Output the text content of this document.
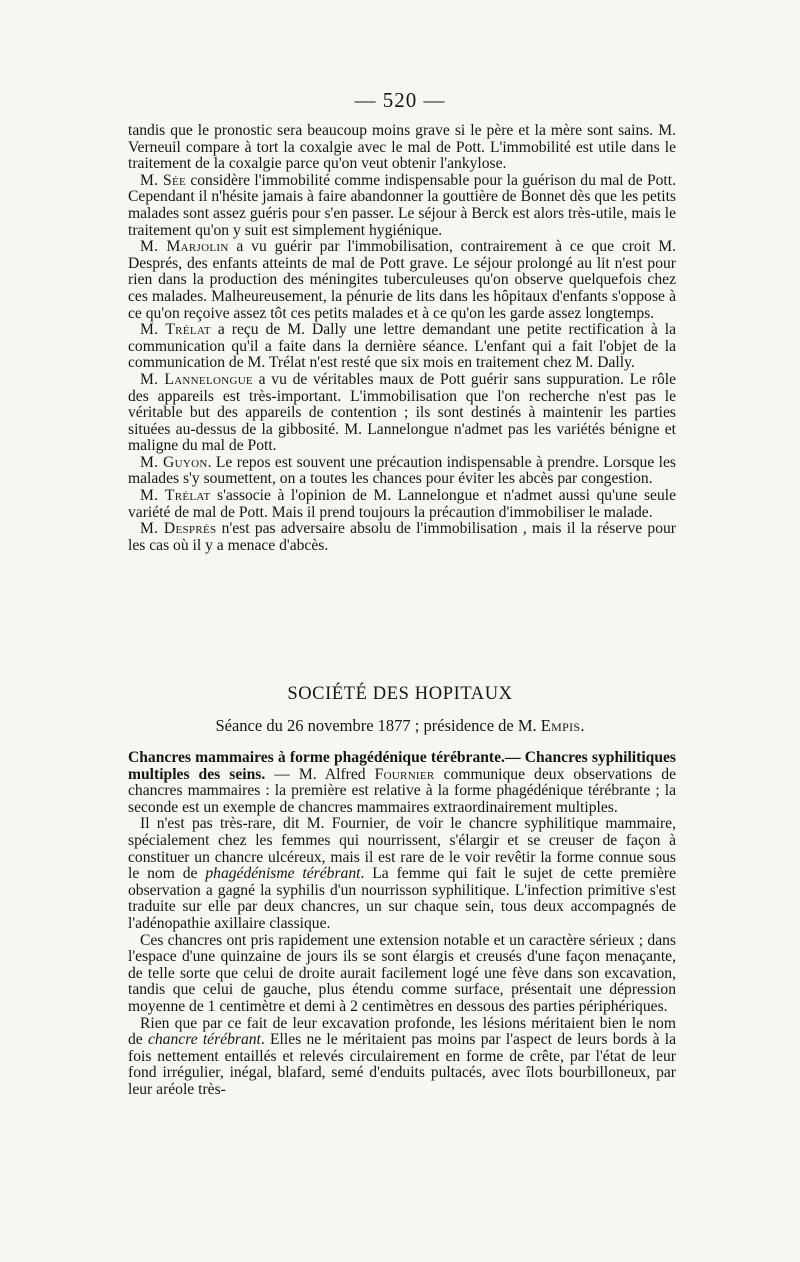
— 520 —

tandis que le pronostic sera beaucoup moins grave si le père et la mère sont sains. M. Verneuil compare à tort la coxalgie avec le mal de Pott. L'immobilité est utile dans le traitement de la coxalgie parce qu'on veut obtenir l'ankylose.

M. Sée considère l'immobilité comme indispensable pour la guérison du mal de Pott. Cependant il n'hésite jamais à faire abandonner la gouttière de Bonnet dès que les petits malades sont assez guéris pour s'en passer. Le séjour à Berck est alors très-utile, mais le traitement qu'on y suit est simplement hygiénique.

M. Marjolin a vu guérir par l'immobilisation, contrairement à ce que croit M. Després, des enfants atteints de mal de Pott grave. Le séjour prolongé au lit n'est pour rien dans la production des méningites tuberculeuses qu'on observe quelquefois chez ces malades. Malheureusement, la pénurie de lits dans les hôpitaux d'enfants s'oppose à ce qu'on reçoive assez tôt ces petits malades et à ce qu'on les garde assez longtemps.

M. Trélat a reçu de M. Dally une lettre demandant une petite rectification à la communication qu'il a faite dans la dernière séance. L'enfant qui a fait l'objet de la communication de M. Trélat n'est resté que six mois en traitement chez M. Dally.

M. Lannelongue a vu de véritables maux de Pott guérir sans suppuration. Le rôle des appareils est très-important. L'immobilisation que l'on recherche n'est pas le véritable but des appareils de contention ; ils sont destinés à maintenir les parties situées au-dessus de la gibbosité. M. Lannelongue n'admet pas les variétés bénigne et maligne du mal de Pott.

M. Guyon. Le repos est souvent une précaution indispensable à prendre. Lorsque les malades s'y soumettent, on a toutes les chances pour éviter les abcès par congestion.

M. Trélat s'associe à l'opinion de M. Lannelongue et n'admet aussi qu'une seule variété de mal de Pott. Mais il prend toujours la précaution d'immobiliser le malade.

M. Després n'est pas adversaire absolu de l'immobilisation , mais il la réserve pour les cas où il y a menace d'abcès.

SOCIÉTÉ DES HOPITAUX
Séance du 26 novembre 1877 ; présidence de M. Empis.

Chancres mammaires à forme phagédénique térébrante.— Chancres syphilitiques multiples des seins. — M. Alfred Fournier communique deux observations de chancres mammaires : la première est relative à la forme phagédénique térébrante ; la seconde est un exemple de chancres mammaires extraordinairement multiples.

Il n'est pas très-rare, dit M. Fournier, de voir le chancre syphilitique mammaire, spécialement chez les femmes qui nourrissent, s'élargir et se creuser de façon à constituer un chancre ulcéreux, mais il est rare de le voir revêtir la forme connue sous le nom de phagédénisme térébrant. La femme qui fait le sujet de cette première observation a gagné la syphilis d'un nourrisson syphilitique. L'infection primitive s'est traduite sur elle par deux chancres, un sur chaque sein, tous deux accompagnés de l'adénopathie axillaire classique.

Ces chancres ont pris rapidement une extension notable et un caractère sérieux ; dans l'espace d'une quinzaine de jours ils se sont élargis et creusés d'une façon menaçante, de telle sorte que celui de droite aurait facilement logé une fève dans son excavation, tandis que celui de gauche, plus étendu comme surface, présentait une dépression moyenne de 1 centimètre et demi à 2 centimètres en dessous des parties périphériques.

Rien que par ce fait de leur excavation profonde, les lésions méritaient bien le nom de chancre térébrant. Elles ne le méritaient pas moins par l'aspect de leurs bords à la fois nettement entaillés et relevés circulairement en forme de crête, par l'état de leur fond irrégulier, inégal, blafard, semé d'enduits pultacés, avec îlots bourbilloneux, par leur aréole très-
